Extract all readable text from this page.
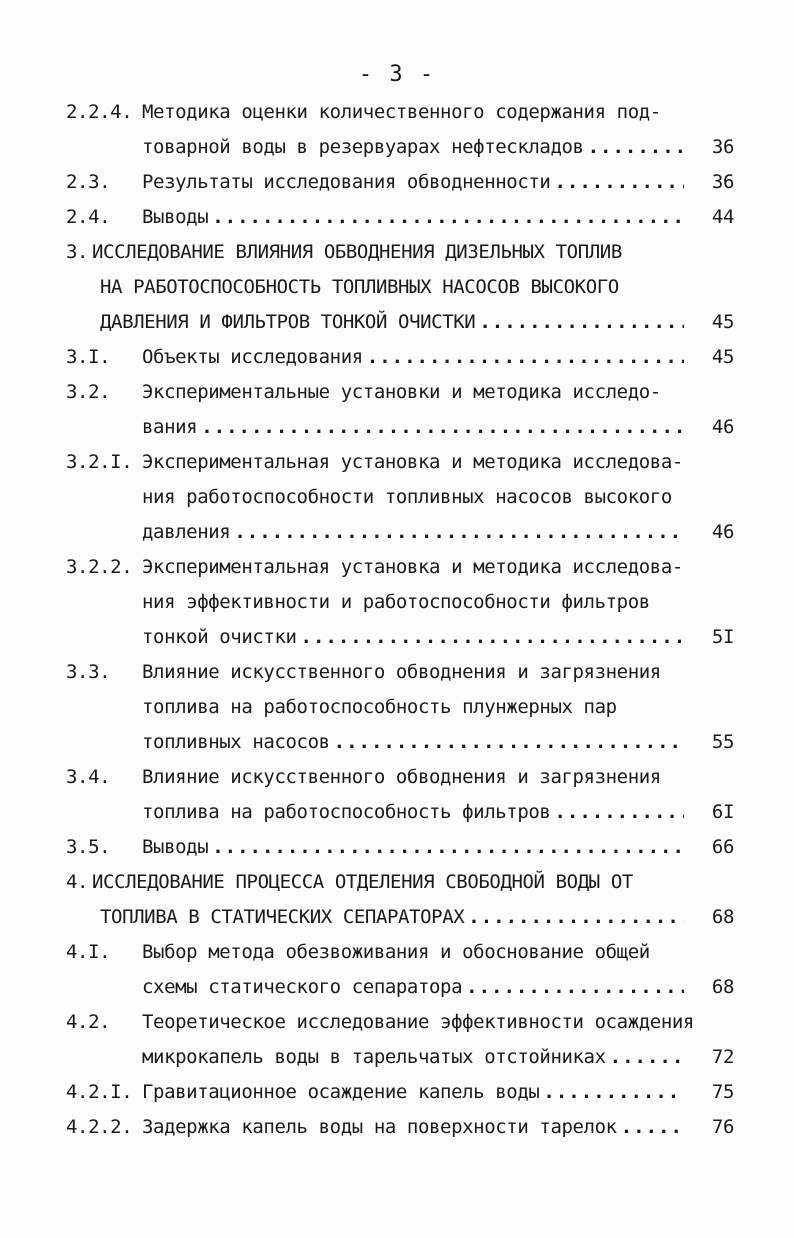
- 3 -
2.2.4. Методика оценки количественного содержания под-
товарной воды в резервуарах нефтескладов .....	36
2.3. Результаты исследования обводненности .....	36
2.4. Выводы .....	44
3. ИССЛЕДОВАНИЕ ВЛИЯНИЯ ОБВОДНЕНИЯ ДИЗЕЛЬНЫХ ТОПЛИВ
НА РАБОТОСПОСОБНОСТЬ ТОПЛИВНЫХ НАСОСОВ ВЫСОКОГО
ДАВЛЕНИЯ И ФИЛЬТРОВ ТОНКОЙ ОЧИСТКИ .....	45
3.I. Объекты исследования .....	45
3.2. Экспериментальные установки и методика исследо-
вания .....	46
3.2.I. Экспериментальная установка и методика исследова-
ния работоспособности топливных насосов высокого
давления .....	46
3.2.2. Экспериментальная установка и методика исследова-
ния эффективности и работоспособности фильтров
тонкой очистки .....	5I
3.3. Влияние искусственного обводнения и загрязнения
топлива на работоспособность плунжерных пар
топливных насосов .....	55
3.4. Влияние искусственного обводнения и загрязнения
топлива на работоспособность фильтров .....	6I
3.5. Выводы .....	66
4. ИССЛЕДОВАНИЕ ПРОЦЕССА ОТДЕЛЕНИЯ СВОБОДНОЙ ВОДЫ ОТ
ТОПЛИВА В СТАТИЧЕСКИХ СЕПАРАТОРАХ .....	68
4.I. Выбор метода обезвоживания и обоснование общей
схемы статического сепаратора .....	68
4.2. Теоретическое исследование эффективности осаждения
микрокапель воды в тарельчатых отстойниках .....	72
4.2.I. Гравитационное осаждение капель воды .....	75
4.2.2. Задержка капель воды на поверхности тарелок .....	76
